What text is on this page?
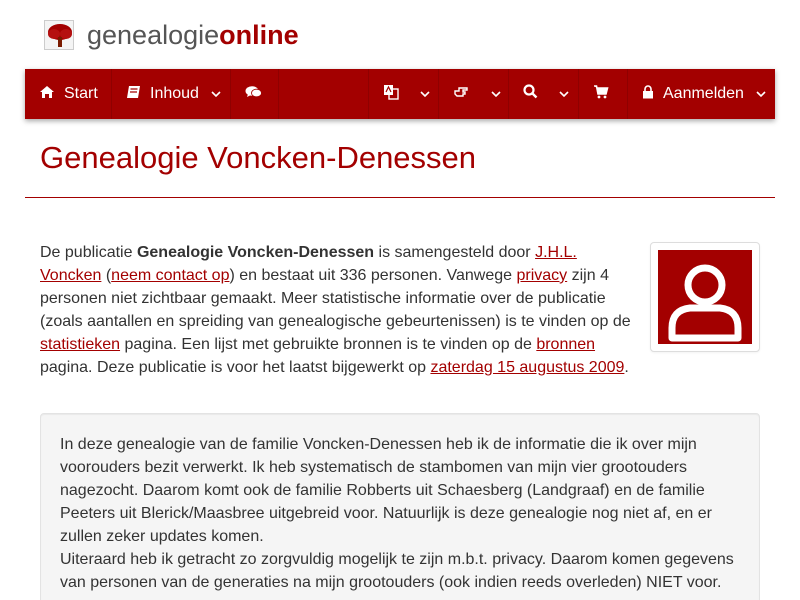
genealogieonline
Start	Inhoud	Aanmelden
Genealogie Voncken-Denessen
De publicatie Genealogie Voncken-Denessen is samengesteld door J.H.L. Voncken (neem contact op) en bestaat uit 336 personen. Vanwege privacy zijn 4 personen niet zichtbaar gemaakt. Meer statistische informatie over de publicatie (zoals aantallen en spreiding van genealogische gebeurtenissen) is te vinden op de statistieken pagina. Een lijst met gebruikte bronnen is te vinden op de bronnen pagina. Deze publicatie is voor het laatst bijgewerkt op zaterdag 15 augustus 2009.

In deze genealogie van de familie Voncken-Denessen heb ik de informatie die ik over mijn voorouders bezit verwerkt. Ik heb systematisch de stambomen van mijn vier grootouders nagezocht. Daarom komt ook de familie Robberts uit Schaesberg (Landgraaf) en de familie Peeters uit Blerick/Maasbree uitgebreid voor. Natuurlijk is deze genealogie nog niet af, en er zullen zeker updates komen.

Uiteraard heb ik getracht zo zorgvuldig mogelijk te zijn m.b.t. privacy. Daarom komen gegevens van personen van de generaties na mijn grootouders (ook indien reeds overleden) NIET voor.
